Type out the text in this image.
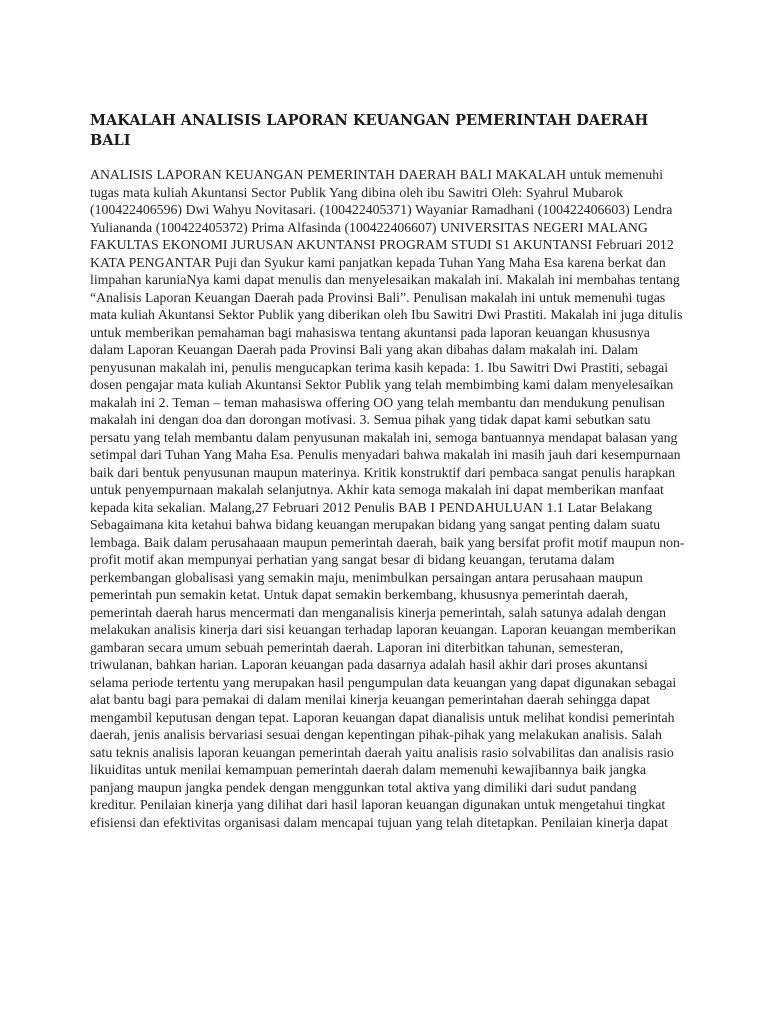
MAKALAH ANALISIS LAPORAN KEUANGAN PEMERINTAH DAERAH BALI

ANALISIS LAPORAN KEUANGAN PEMERINTAH DAERAH BALI MAKALAH untuk memenuhi tugas mata kuliah Akuntansi Sector Publik Yang dibina oleh ibu Sawitri Oleh: Syahrul Mubarok (100422406596) Dwi Wahyu Novitasari. (100422405371) Wayaniar Ramadhani (100422406603) Lendra Yuliananda (100422405372) Prima Alfasinda (100422406607) UNIVERSITAS NEGERI MALANG FAKULTAS EKONOMI JURUSAN AKUNTANSI PROGRAM STUDI S1 AKUNTANSI Februari 2012 KATA PENGANTAR Puji dan Syukur kami panjatkan kepada Tuhan Yang Maha Esa karena berkat dan limpahan karuniaNya kami dapat menulis dan menyelesaikan makalah ini. Makalah ini membahas tentang “Analisis Laporan Keuangan Daerah pada Provinsi Bali”. Penulisan makalah ini untuk memenuhi tugas mata kuliah Akuntansi Sektor Publik yang diberikan oleh Ibu Sawitri Dwi Prastiti. Makalah ini juga ditulis untuk memberikan pemahaman bagi mahasiswa tentang akuntansi pada laporan keuangan khususnya dalam Laporan Keuangan Daerah pada Provinsi Bali yang akan dibahas dalam makalah ini. Dalam penyusunan makalah ini, penulis mengucapkan terima kasih kepada: 1. Ibu Sawitri Dwi Prastiti, sebagai dosen pengajar mata kuliah Akuntansi Sektor Publik yang telah membimbing kami dalam menyelesaikan makalah ini 2. Teman – teman mahasiswa offering OO yang telah membantu dan mendukung penulisan makalah ini dengan doa dan dorongan motivasi. 3. Semua pihak yang tidak dapat kami sebutkan satu persatu yang telah membantu dalam penyusunan makalah ini, semoga bantuannya mendapat balasan yang setimpal dari Tuhan Yang Maha Esa. Penulis menyadari bahwa makalah ini masih jauh dari kesempurnaan baik dari bentuk penyusunan maupun materinya. Kritik konstruktif dari pembaca sangat penulis harapkan untuk penyempurnaan makalah selanjutnya. Akhir kata semoga makalah ini dapat memberikan manfaat kepada kita sekalian. Malang,27 Februari 2012 Penulis BAB I PENDAHULUAN 1.1 Latar Belakang Sebagaimana kita ketahui bahwa bidang keuangan merupakan bidang yang sangat penting dalam suatu lembaga. Baik dalam perusahaaan maupun pemerintah daerah, baik yang bersifat profit motif maupun non-profit motif akan mempunyai perhatian yang sangat besar di bidang keuangan, terutama dalam perkembangan globalisasi yang semakin maju, menimbulkan persaingan antara perusahaan maupun pemerintah pun semakin ketat. Untuk dapat semakin berkembang, khususnya pemerintah daerah, pemerintah daerah harus mencermati dan menganalisis kinerja pemerintah, salah satunya adalah dengan melakukan analisis kinerja dari sisi keuangan terhadap laporan keuangan. Laporan keuangan memberikan gambaran secara umum sebuah pemerintah daerah. Laporan ini diterbitkan tahunan, semesteran, triwulanan, bahkan harian. Laporan keuangan pada dasarnya adalah hasil akhir dari proses akuntansi selama periode tertentu yang merupakan hasil pengumpulan data keuangan yang dapat digunakan sebagai alat bantu bagi para pemakai di dalam menilai kinerja keuangan pemerintahan daerah sehingga dapat mengambil keputusan dengan tepat. Laporan keuangan dapat dianalisis untuk melihat kondisi pemerintah daerah, jenis analisis bervariasi sesuai dengan kepentingan pihak-pihak yang melakukan analisis. Salah satu teknis analisis laporan keuangan pemerintah daerah yaitu analisis rasio solvabilitas dan analisis rasio likuiditas untuk menilai kemampuan pemerintah daerah dalam memenuhi kewajibannya baik jangka panjang maupun jangka pendek dengan menggunkan total aktiva yang dimiliki dari sudut pandang kreditur. Penilaian kinerja yang dilihat dari hasil laporan keuangan digunakan untuk mengetahui tingkat efisiensi dan efektivitas organisasi dalam mencapai tujuan yang telah ditetapkan. Penilaian kinerja dapat
